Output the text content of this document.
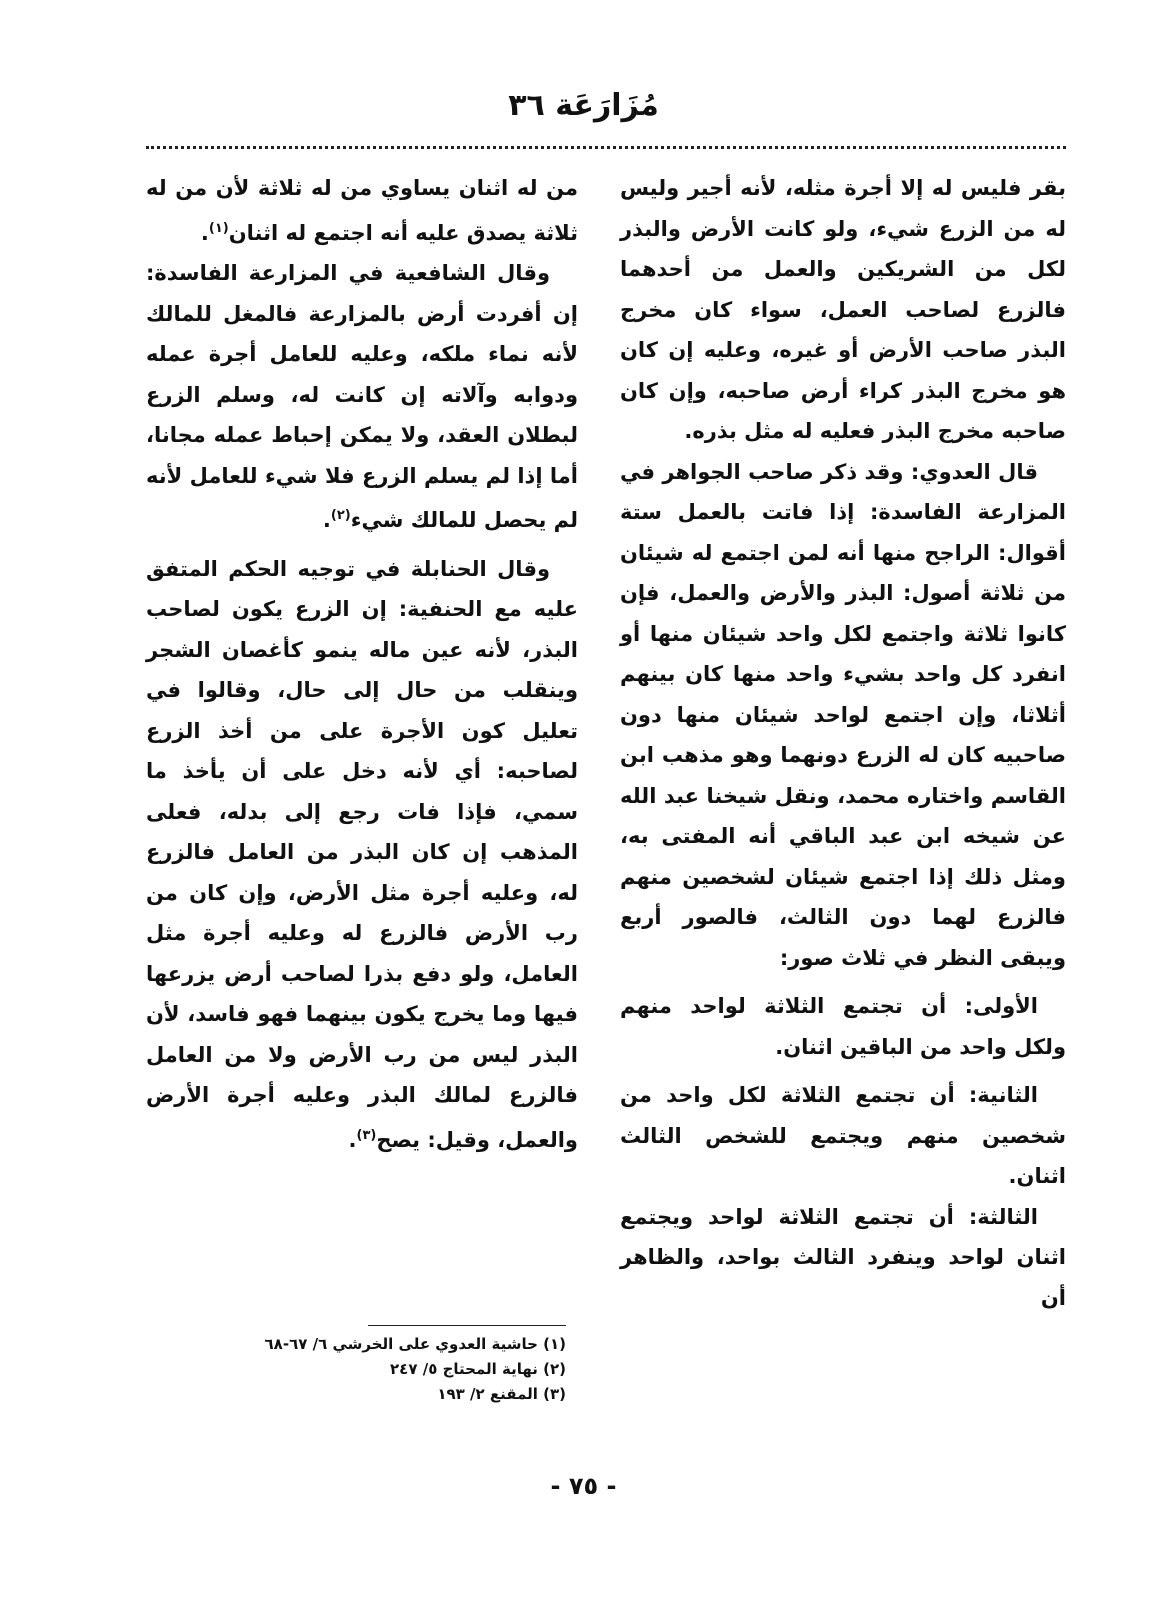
مُزَارَعَة ٣٦

بقر فليس له إلا أجرة مثله، لأنه أجير وليس له من الزرع شيء، ولو كانت الأرض والبذر لكل من الشريكين والعمل من أحدهما فالزرع لصاحب العمل، سواء كان مخرج البذر صاحب الأرض أو غيره، وعليه إن كان هو مخرج البذر كراء أرض صاحبه، وإن كان صاحبه مخرج البذر فعليه له مثل بذره.

قال العدوي: وقد ذكر صاحب الجواهر في المزارعة الفاسدة: إذا فاتت بالعمل ستة أقوال: الراجح منها أنه لمن اجتمع له شيئان من ثلاثة أصول: البذر والأرض والعمل، فإن كانوا ثلاثة واجتمع لكل واحد شيئان منها أو انفرد كل واحد بشيء واحد منها كان بينهم أثلاثا، وإن اجتمع لواحد شيئان منها دون صاحبيه كان له الزرع دونهما وهو مذهب ابن القاسم واختاره محمد، ونقل شيخنا عبد الله عن شيخه ابن عبد الباقي أنه المفتى به، ومثل ذلك إذا اجتمع شيئان لشخصين منهم فالزرع لهما دون الثالث، فالصور أربع ويبقى النظر في ثلاث صور:

الأولى: أن تجتمع الثلاثة لواحد منهم ولكل واحد من الباقين اثنان.

الثانية: أن تجتمع الثلاثة لكل واحد من شخصين منهم ويجتمع للشخص الثالث اثنان.

الثالثة: أن تجتمع الثلاثة لواحد ويجتمع اثنان لواحد وينفرد الثالث بواحد، والظاهر أن

من له اثنان يساوي من له ثلاثة لأن من له ثلاثة يصدق عليه أنه اجتمع له اثنان$^{(١)}$.

وقال الشافعية في المزارعة الفاسدة: إن أفردت أرض بالمزارعة فالمغل للمالك لأنه نماء ملكه، وعليه للعامل أجرة عمله ودوابه وآلاته إن كانت له، وسلم الزرع لبطلان العقد، ولا يمكن إحباط عمله مجانا، أما إذا لم يسلم الزرع فلا شيء للعامل لأنه لم يحصل للمالك شيء$^{(٢)}$.

وقال الحنابلة في توجيه الحكم المتفق عليه مع الحنفية: إن الزرع يكون لصاحب البذر، لأنه عين ماله ينمو كأغصان الشجر وينقلب من حال إلى حال، وقالوا في تعليل كون الأجرة على من أخذ الزرع لصاحبه: أي لأنه دخل على أن يأخذ ما سمي، فإذا فات رجع إلى بدله، فعلى المذهب إن كان البذر من العامل فالزرع له، وعليه أجرة مثل الأرض، وإن كان من رب الأرض فالزرع له وعليه أجرة مثل العامل، ولو دفع بذرا لصاحب أرض يزرعها فيها وما يخرج يكون بينهما فهو فاسد، لأن البذر ليس من رب الأرض ولا من العامل فالزرع لمالك البذر وعليه أجرة الأرض والعمل، وقيل: يصح$^{(٣)}$.

(١) حاشية العدوي على الخرشي ٦/ ٦٧-٦٨
(٢) نهاية المحتاج ٥/ ٢٤٧
(٣) المقنع ٢/ ١٩٣
- ٧٥ -
